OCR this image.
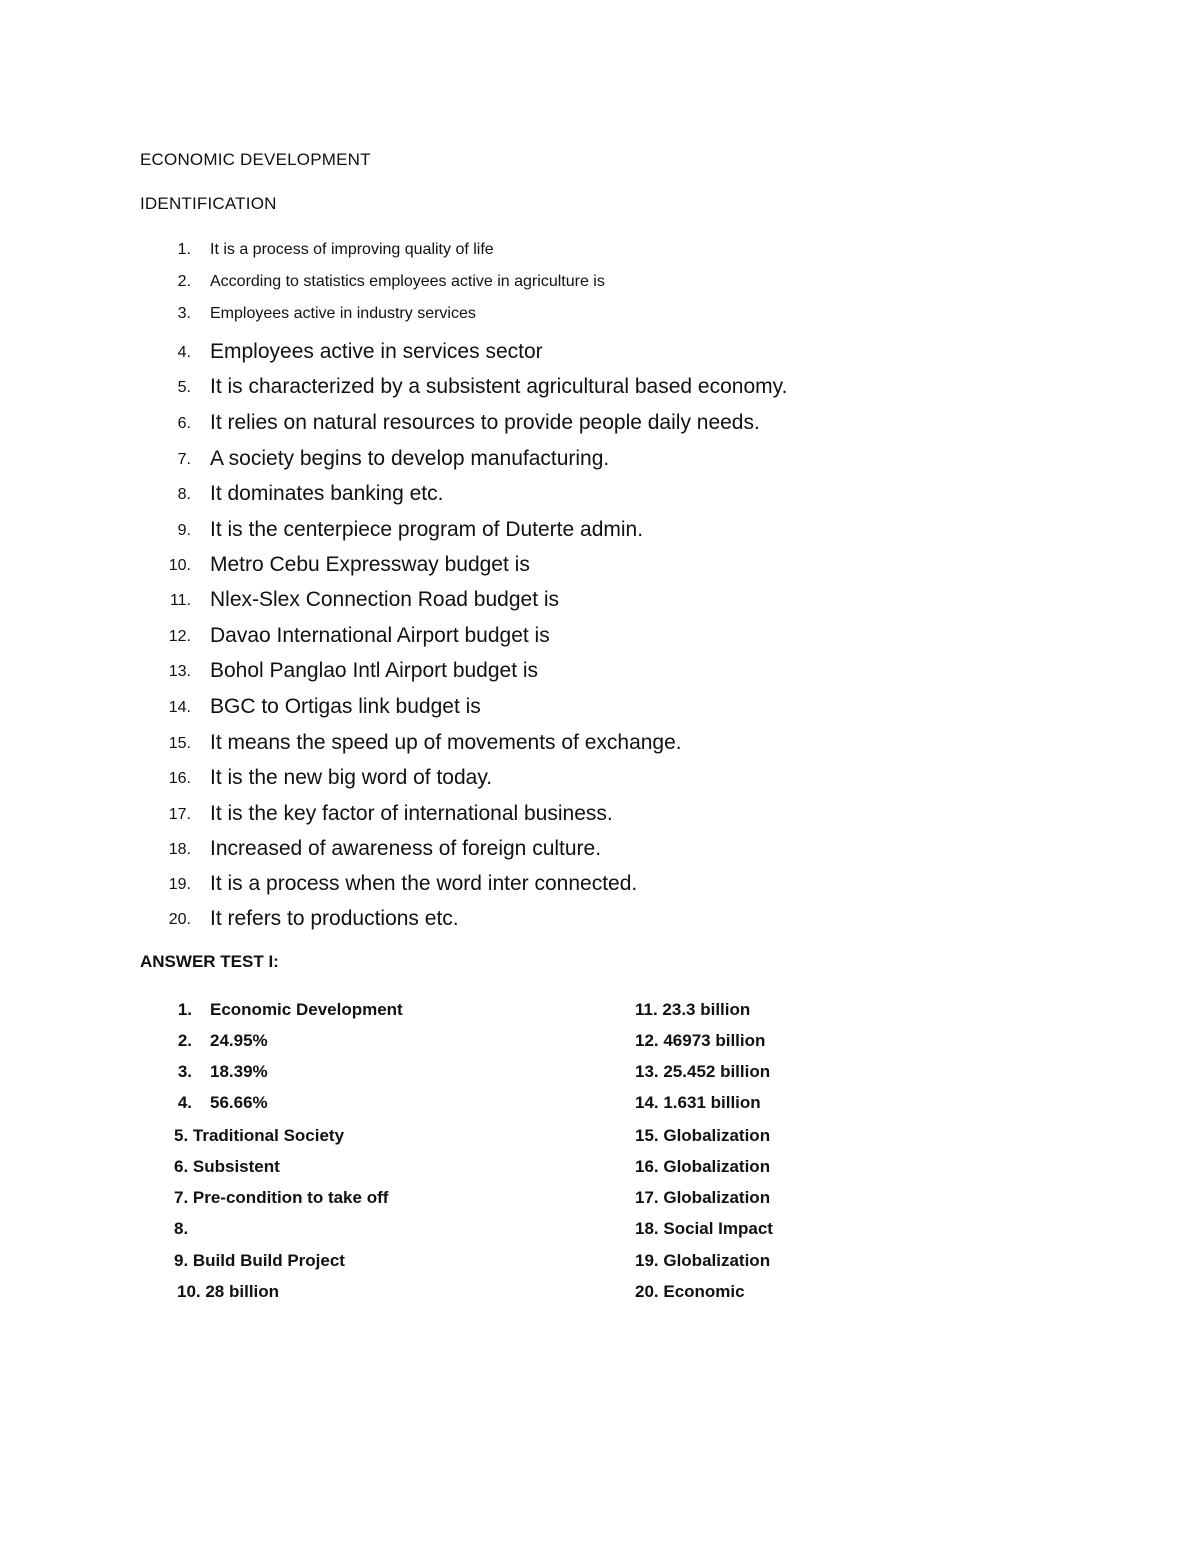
ECONOMIC DEVELOPMENT
IDENTIFICATION
1. It is a process of improving quality of life
2. According to statistics employees active in agriculture is
3. Employees active in industry services
4. Employees active in services sector
5. It is characterized by a subsistent agricultural based economy.
6. It relies on natural resources to provide people daily needs.
7. A society begins to develop manufacturing.
8. It dominates banking etc.
9. It is the centerpiece program of Duterte admin.
10. Metro Cebu Expressway budget is
11. Nlex-Slex Connection Road budget is
12. Davao International Airport budget is
13. Bohol Panglao Intl Airport budget is
14. BGC to Ortigas link budget is
15. It means the speed up of movements of exchange.
16. It is the new big word of today.
17. It is the key factor of international business.
18. Increased of awareness of foreign culture.
19. It is a process when the word inter connected.
20. It refers to productions etc.
ANSWER TEST I:
1. Economic Development
2. 24.95%
3. 18.39%
4. 56.66%
5. Traditional Society
6. Subsistent
7. Pre-condition to take off
8.
9. Build Build Project
10. 28 billion
11. 23.3 billion
12. 46973 billion
13. 25.452 billion
14. 1.631 billion
15. Globalization
16. Globalization
17. Globalization
18. Social Impact
19. Globalization
20. Economic
